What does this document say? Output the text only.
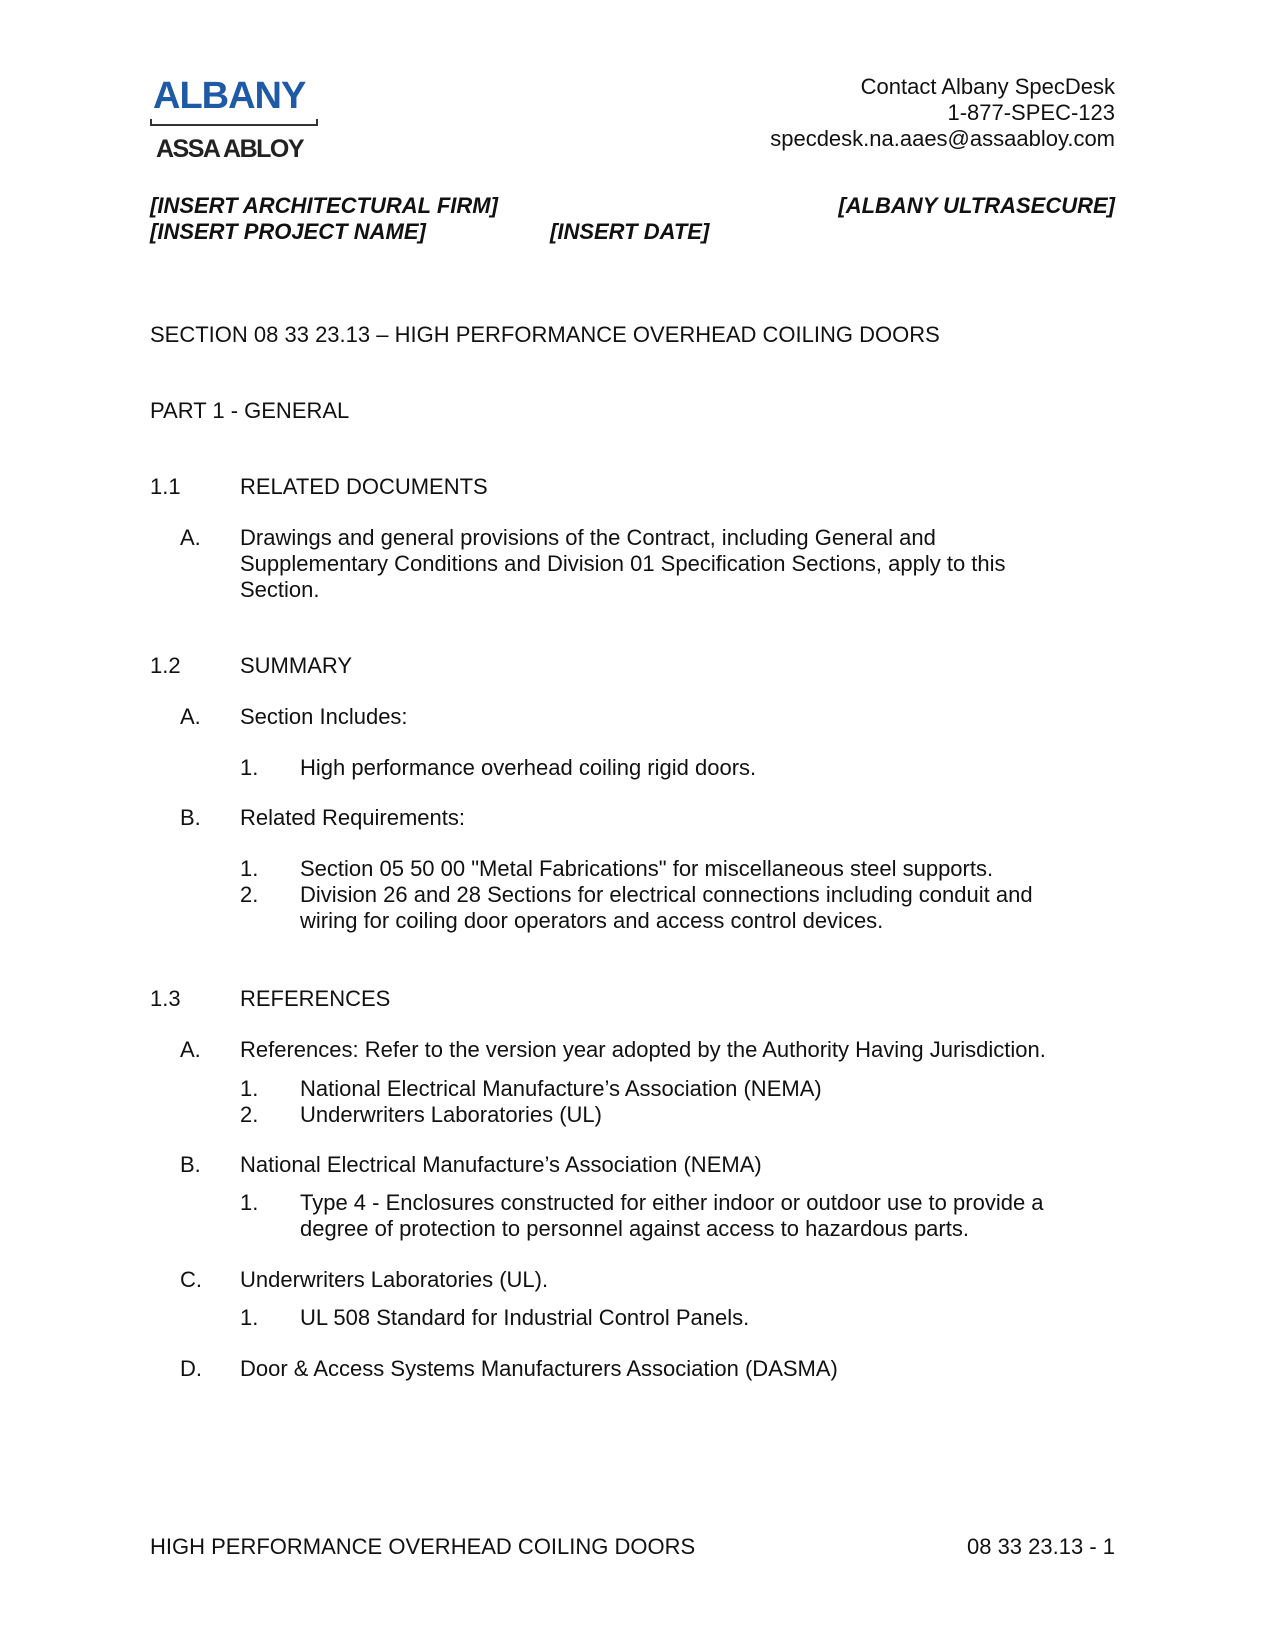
ALBANY
ASSA ABLOY
Contact Albany SpecDesk
1-877-SPEC-123
specdesk.na.aaes@assaabloy.com
[INSERT ARCHITECTURAL FIRM]	[ALBANY ULTRASECURE]
[INSERT PROJECT NAME]	[INSERT DATE]
SECTION 08 33 23.13 – HIGH PERFORMANCE OVERHEAD COILING DOORS
PART 1 - GENERAL
1.1	RELATED DOCUMENTS
A. Drawings and general provisions of the Contract, including General and
Supplementary Conditions and Division 01 Specification Sections, apply to this
Section.
1.2	SUMMARY
A. Section Includes:
1. High performance overhead coiling rigid doors.
B. Related Requirements:
1. Section 05 50 00 "Metal Fabrications" for miscellaneous steel supports.
2. Division 26 and 28 Sections for electrical connections including conduit and
wiring for coiling door operators and access control devices.
1.3	REFERENCES
A. References: Refer to the version year adopted by the Authority Having Jurisdiction.
1. National Electrical Manufacture’s Association (NEMA)
2. Underwriters Laboratories (UL)
B. National Electrical Manufacture’s Association (NEMA)
1. Type 4 - Enclosures constructed for either indoor or outdoor use to provide a
degree of protection to personnel against access to hazardous parts.
C. Underwriters Laboratories (UL).
1. UL 508 Standard for Industrial Control Panels.
D. Door & Access Systems Manufacturers Association (DASMA)
HIGH PERFORMANCE OVERHEAD COILING DOORS	08 33 23.13 - 1
